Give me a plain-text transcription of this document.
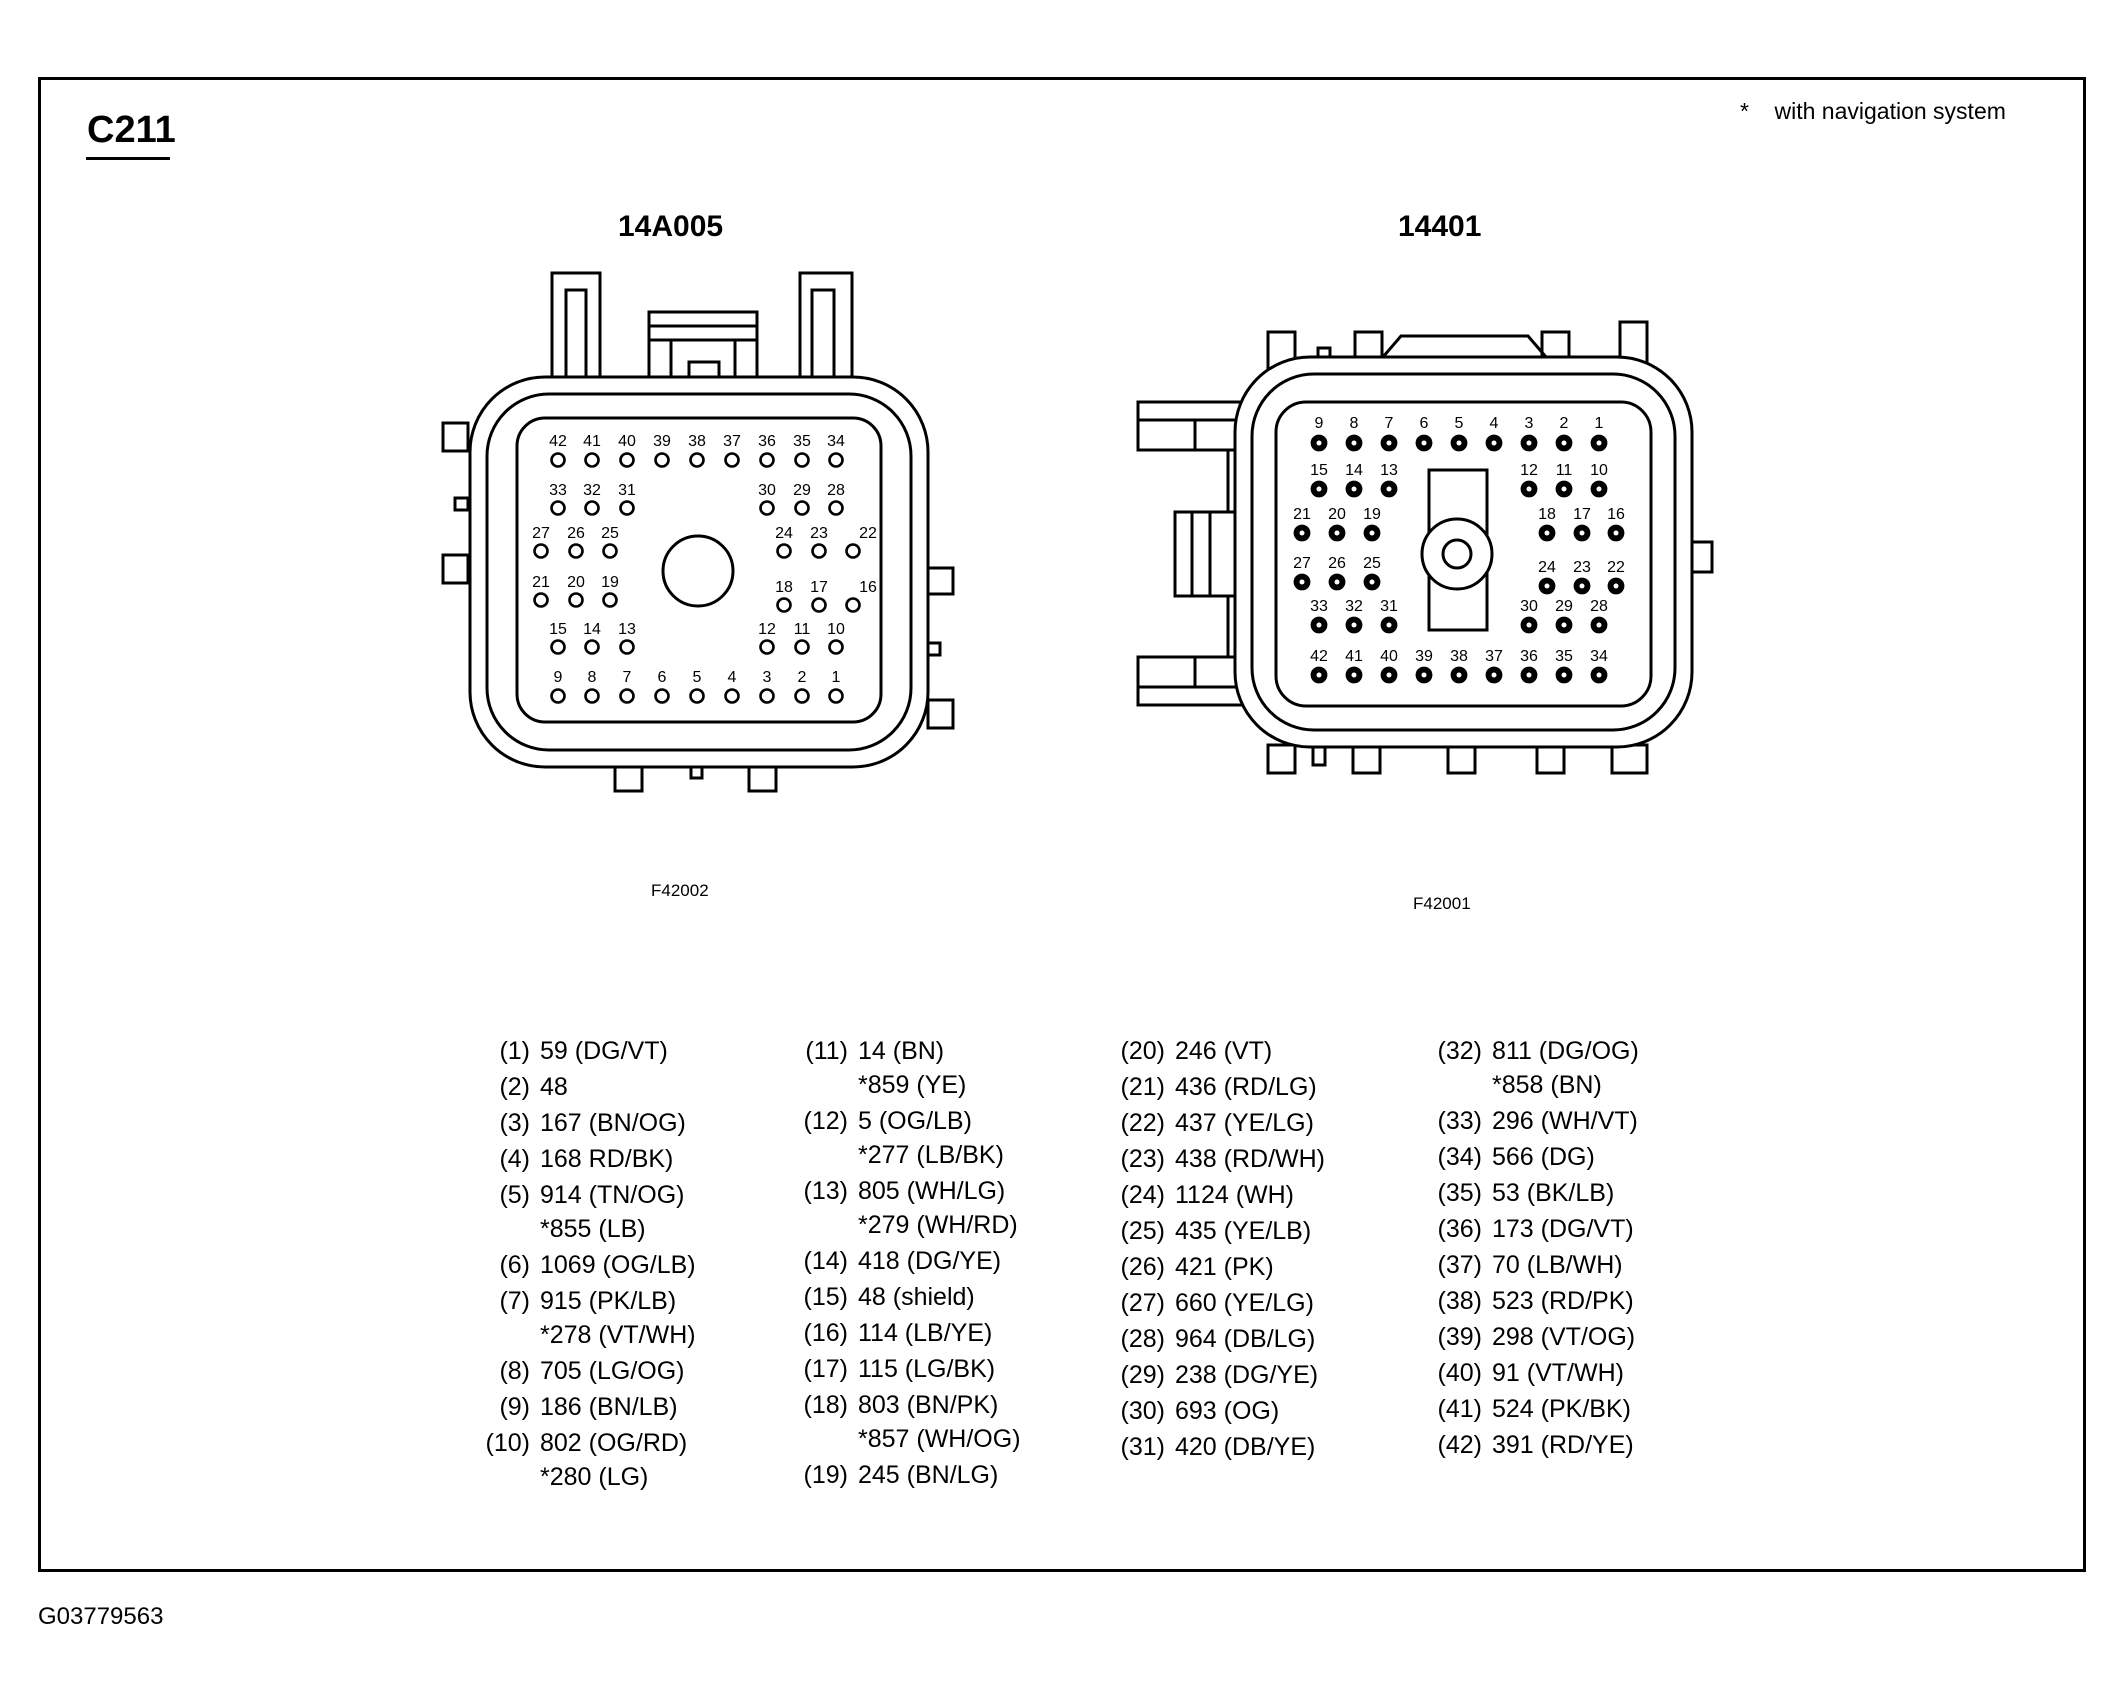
C211	*    with navigation system
14A005	14401
F42002
F42001
42 41 40 39 38 37 36 35 34
33 32 31	30 29 28
27 26 25	24 23 22
21 20 19	18 17 16
15 14 13	12 11 10
9 8 7 6 5 4 3 2 1
9 8 7 6 5 4 3 2 1
15 14 13	12 11 10
21 20 19	18 17 16
27 26 25	24 23 22
33 32 31	30 29 28
42 41 40 39 38 37 36 35 34
(1) 59 (DG/VT)
(2) 48
(3) 167 (BN/OG)
(4) 168 RD/BK)
(5) 914 (TN/OG)
*855 (LB)
(6) 1069 (OG/LB)
(7) 915 (PK/LB)
*278 (VT/WH)
(8) 705 (LG/OG)
(9) 186 (BN/LB)
(10) 802 (OG/RD)
*280 (LG)
(11) 14 (BN)
*859 (YE)
(12) 5 (OG/LB)
*277 (LB/BK)
(13) 805 (WH/LG)
*279 (WH/RD)
(14) 418 (DG/YE)
(15) 48 (shield)
(16) 114 (LB/YE)
(17) 115 (LG/BK)
(18) 803 (BN/PK)
*857 (WH/OG)
(19) 245 (BN/LG)
(20) 246 (VT)
(21) 436 (RD/LG)
(22) 437 (YE/LG)
(23) 438 (RD/WH)
(24) 1124 (WH)
(25) 435 (YE/LB)
(26) 421 (PK)
(27) 660 (YE/LG)
(28) 964 (DB/LG)
(29) 238 (DG/YE)
(30) 693 (OG)
(31) 420 (DB/YE)
(32) 811 (DG/OG)
*858 (BN)
(33) 296 (WH/VT)
(34) 566 (DG)
(35) 53 (BK/LB)
(36) 173 (DG/VT)
(37) 70 (LB/WH)
(38) 523 (RD/PK)
(39) 298 (VT/OG)
(40) 91 (VT/WH)
(41) 524 (PK/BK)
(42) 391 (RD/YE)
G03779563
